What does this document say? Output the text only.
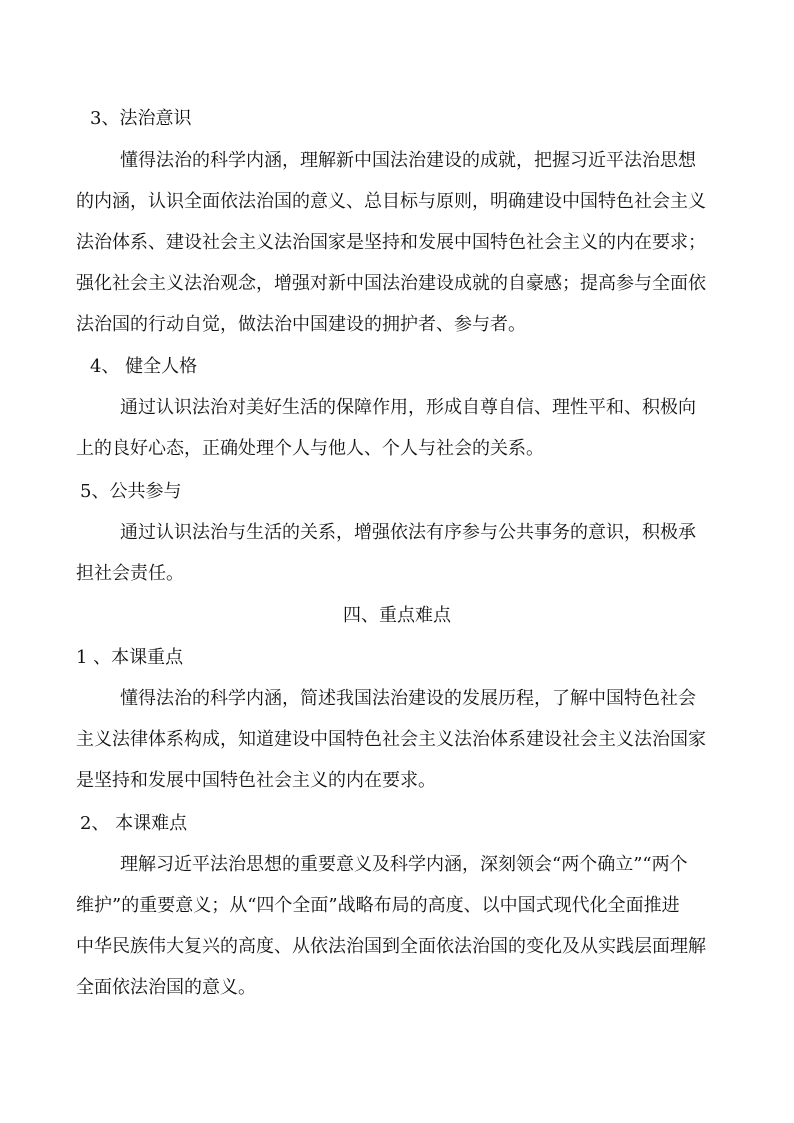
3、法治意识
懂得法治的科学内涵，理解新中国法治建设的成就，把握习近平法治思想
的内涵，认识全面依法治国的意义、总目标与原则，明确建设中国特色社会主义
法治体系、建设社会主义法治国家是坚持和发展中国特色社会主义的内在要求；
强化社会主义法治观念，增强对新中国法治建设成就的自豪感；提高参与全面依
法治国的行动自觉，做法治中国建设的拥护者、参与者。
4、 健全人格
通过认识法治对美好生活的保障作用，形成自尊自信、理性平和、积极向
上的良好心态，正确处理个人与他人、个人与社会的关系。
5、公共参与
通过认识法治与生活的关系，增强依法有序参与公共事务的意识，积极承
担社会责任。
四、重点难点
1 、本课重点
懂得法治的科学内涵，简述我国法治建设的发展历程，了解中国特色社会
主义法律体系构成，知道建设中国特色社会主义法治体系建设社会主义法治国家
是坚持和发展中国特色社会主义的内在要求。
2、 本课难点
理解习近平法治思想的重要意义及科学内涵，深刻领会“两个确立”“两个
维护”的重要意义；从“四个全面”战略布局的高度、以中国式现代化全面推进
中华民族伟大复兴的高度、从依法治国到全面依法治国的变化及从实践层面理解
全面依法治国的意义。
